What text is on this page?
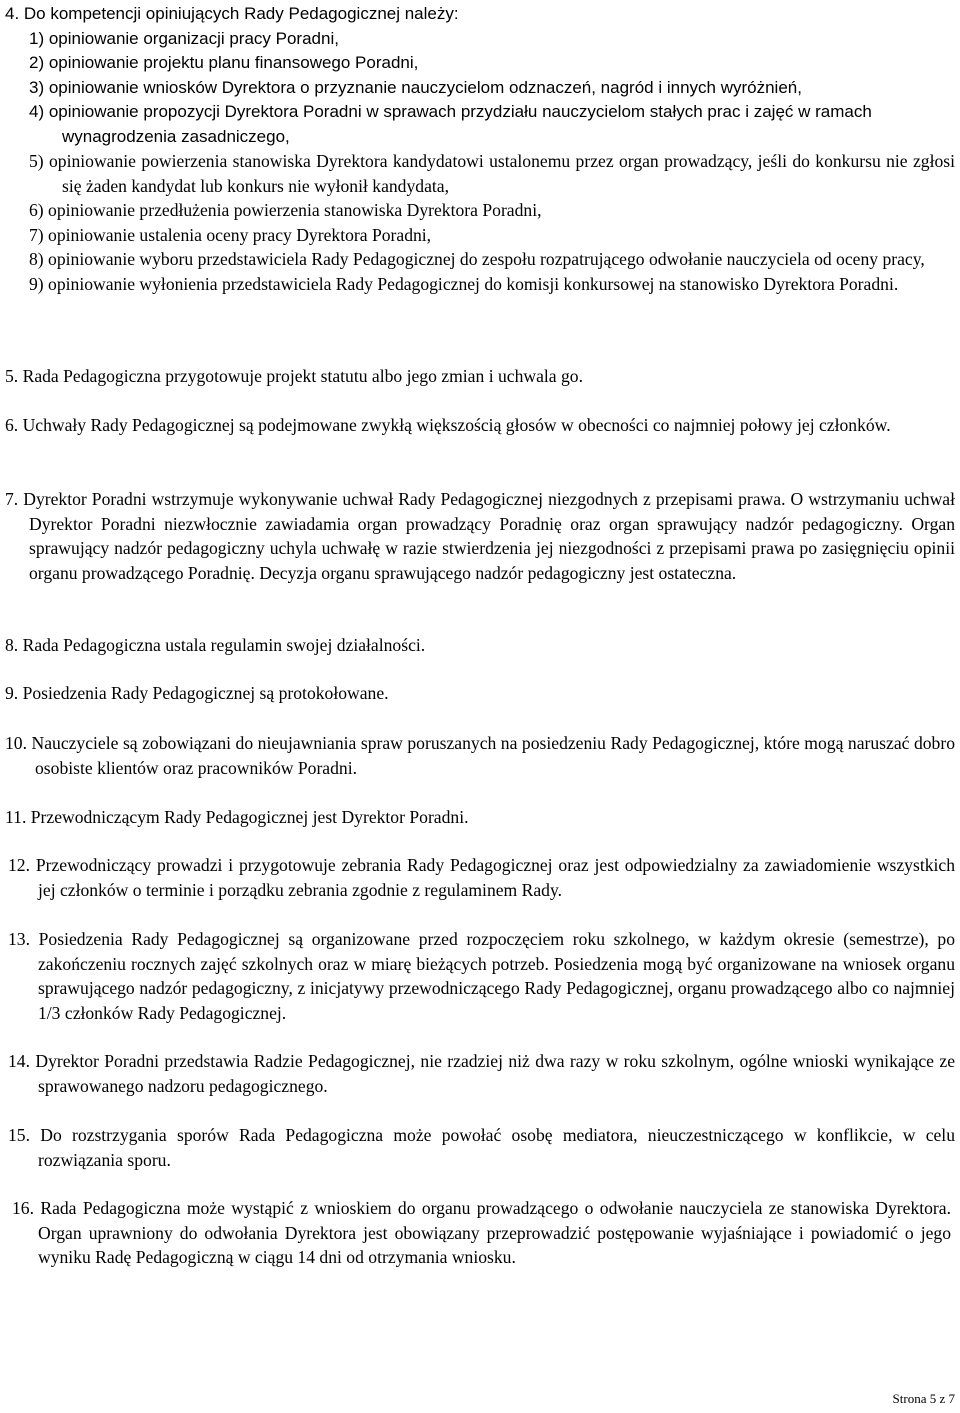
4. Do kompetencji opiniujących Rady Pedagogicznej należy:
1) opiniowanie organizacji pracy Poradni,
2) opiniowanie projektu planu finansowego Poradni,
3) opiniowanie wniosków Dyrektora o przyznanie nauczycielom odznaczeń, nagród i innych wyróżnień,
4) opiniowanie propozycji Dyrektora Poradni w sprawach przydziału nauczycielom stałych prac i zajęć w ramach wynagrodzenia zasadniczego,
5) opiniowanie powierzenia stanowiska Dyrektora kandydatowi ustalonemu przez organ prowadzący, jeśli do konkursu nie zgłosi się żaden kandydat lub konkurs nie wyłonił kandydata,
6) opiniowanie przedłużenia powierzenia stanowiska Dyrektora Poradni,
7) opiniowanie ustalenia oceny pracy Dyrektora Poradni,
8) opiniowanie wyboru przedstawiciela Rady Pedagogicznej do zespołu rozpatrującego odwołanie nauczyciela od oceny pracy,
9) opiniowanie wyłonienia przedstawiciela Rady Pedagogicznej do komisji konkursowej na stanowisko Dyrektora Poradni.
5. Rada Pedagogiczna przygotowuje projekt statutu albo jego zmian i uchwala go.
6. Uchwały Rady Pedagogicznej są podejmowane zwykłą większością głosów w obecności co najmniej połowy jej członków.
7. Dyrektor Poradni wstrzymuje wykonywanie uchwał Rady Pedagogicznej niezgodnych z przepisami prawa. O wstrzymaniu uchwał Dyrektor Poradni niezwłocznie zawiadamia organ prowadzący Poradnię oraz organ sprawujący nadzór pedagogiczny. Organ sprawujący nadzór pedagogiczny uchyla uchwałę w razie stwierdzenia jej niezgodności z przepisami prawa po zasięgnięciu opinii organu prowadzącego Poradnię. Decyzja organu sprawującego nadzór pedagogiczny jest ostateczna.
8. Rada Pedagogiczna ustala regulamin swojej działalności.
9. Posiedzenia Rady Pedagogicznej są protokołowane.
10. Nauczyciele są zobowiązani do nieujawniania spraw poruszanych na posiedzeniu Rady Pedagogicznej, które mogą naruszać dobro osobiste klientów oraz pracowników Poradni.
11. Przewodniczącym Rady Pedagogicznej jest Dyrektor Poradni.
12. Przewodniczący prowadzi i przygotowuje zebrania Rady Pedagogicznej oraz jest odpowiedzialny za zawiadomienie wszystkich jej członków o terminie i porządku zebrania zgodnie z regulaminem Rady.
13. Posiedzenia Rady Pedagogicznej są organizowane przed rozpoczęciem roku szkolnego, w każdym okresie (semestrze), po zakończeniu rocznych zajęć szkolnych oraz w miarę bieżących potrzeb. Posiedzenia mogą być organizowane na wniosek organu sprawującego nadzór pedagogiczny, z inicjatywy przewodniczącego Rady Pedagogicznej, organu prowadzącego albo co najmniej 1/3 członków Rady Pedagogicznej.
14. Dyrektor Poradni przedstawia Radzie Pedagogicznej, nie rzadziej niż dwa razy w roku szkolnym, ogólne wnioski wynikające ze sprawowanego nadzoru pedagogicznego.
15. Do rozstrzygania sporów Rada Pedagogiczna może powołać osobę mediatora, nieuczestniczącego w konflikcie, w celu rozwiązania sporu.
16. Rada Pedagogiczna może wystąpić z wnioskiem do organu prowadzącego o odwołanie nauczyciela ze stanowiska Dyrektora. Organ uprawniony do odwołania Dyrektora jest obowiązany przeprowadzić postępowanie wyjaśniające i powiadomić o jego wyniku Radę Pedagogiczną w ciągu 14 dni od otrzymania wniosku.
Strona 5 z 7
